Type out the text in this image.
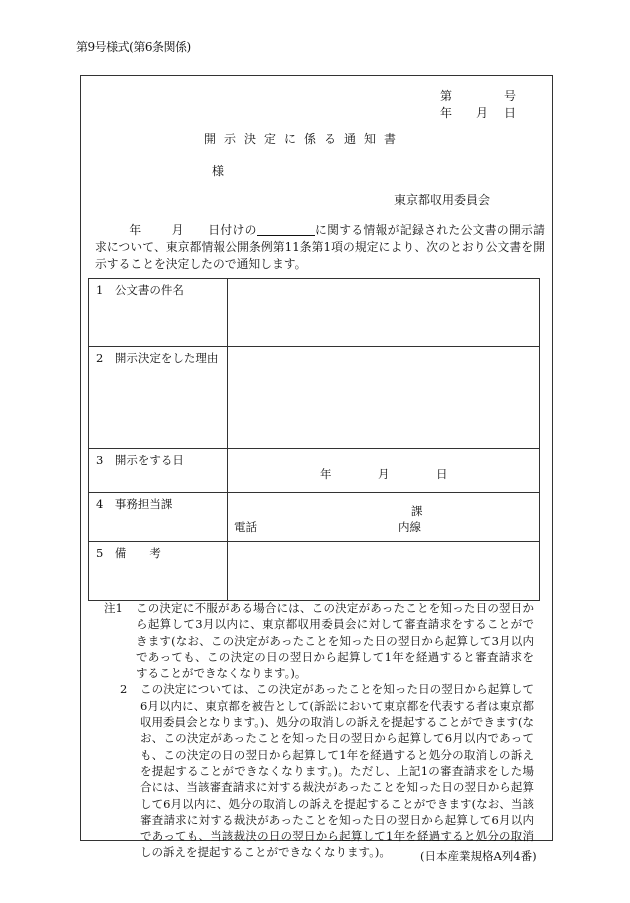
第9号様式(第6条関係)
第	号
年	月	日
開示決定に係る通知書
様
東京都収用委員会
年	月 日付けの	に関する情報が記録された公文書の開示請求について、東京都情報公開条例第11条第1項の規定により、次のとおり公文書を開示することを決定したので通知します。
1　公文書の件名
2　開示決定をした理由
3　開示をする日
年	月	日
4　事務担当課	課
電話	内線
5　備　　考
注1	この決定に不服がある場合には、この決定があったことを知った日の翌日から起算して3月以内に、東京都収用委員会に対して審査請求をすることができます(なお、この決定があったことを知った日の翌日から起算して3月以内であっても、この決定の日の翌日から起算して1年を経過すると審査請求をすることができなくなります。)。
2	この決定については、この決定があったことを知った日の翌日から起算して6月以内に、東京都を被告として(訴訟において東京都を代表する者は東京都収用委員会となります。)、処分の取消しの訴えを提起することができます(なお、この決定があったことを知った日の翌日から起算して6月以内であっても、この決定の日の翌日から起算して1年を経過すると処分の取消しの訴えを提起することができなくなります。)。ただし、上記1の審査請求をした場合には、当該審査請求に対する裁決があったことを知った日の翌日から起算して6月以内に、処分の取消しの訴えを提起することができます(なお、当該審査請求に対する裁決があったことを知った日の翌日から起算して6月以内であっても、当該裁決の日の翌日から起算して1年を経過すると処分の取消しの訴えを提起することができなくなります。)。	(日本産業規格A列4番)
